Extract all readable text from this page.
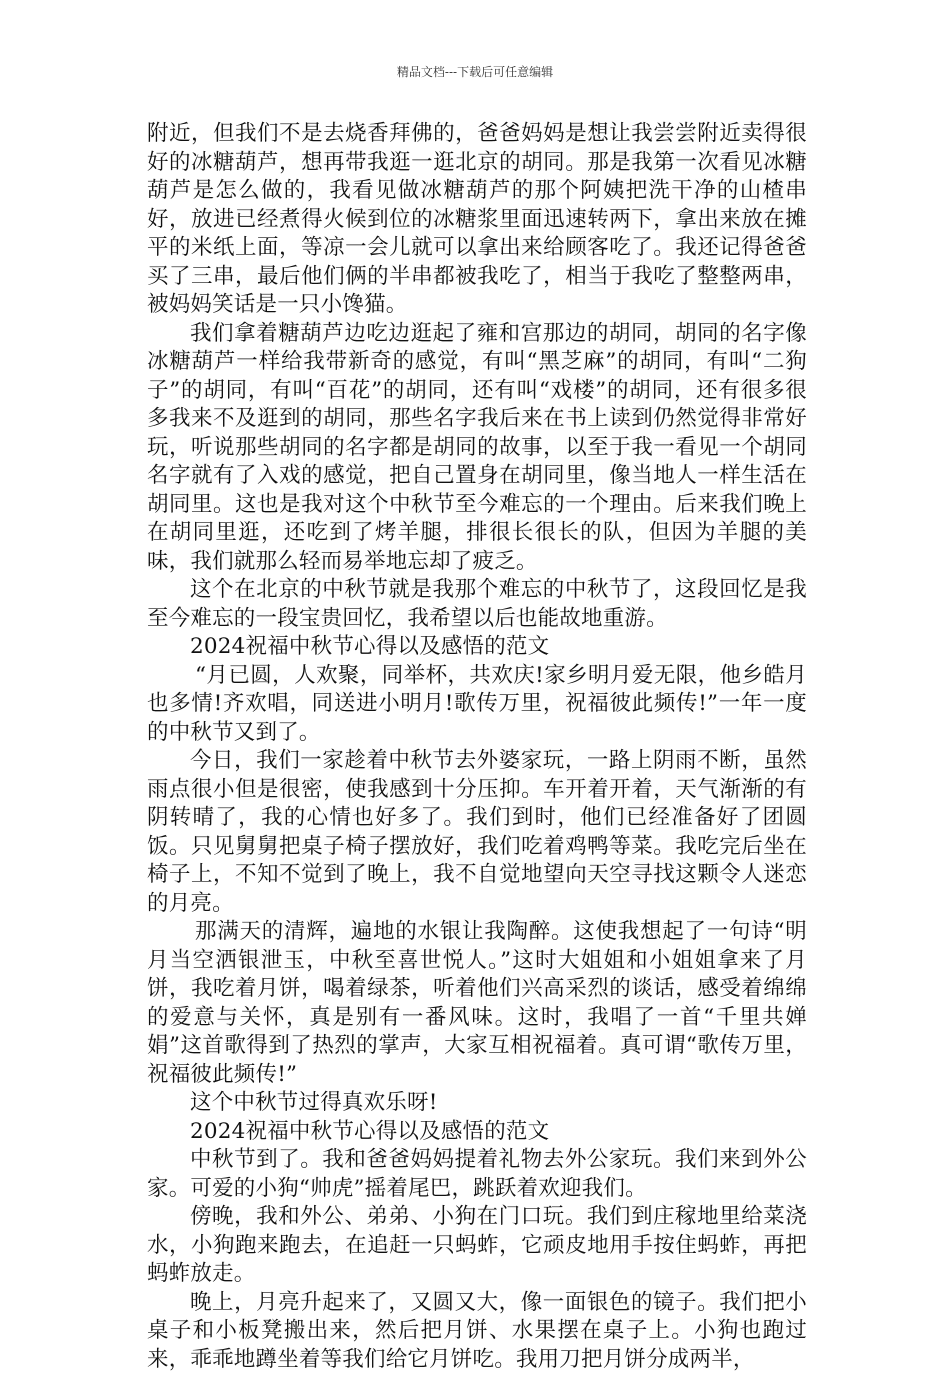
精品文档---下载后可任意编辑

附近，但我们不是去烧香拜佛的，爸爸妈妈是想让我尝尝附近卖得很好的冰糖葫芦，想再带我逛一逛北京的胡同。那是我第一次看见冰糖葫芦是怎么做的，我看见做冰糖葫芦的那个阿姨把洗干净的山楂串好，放进已经煮得火候到位的冰糖浆里面迅速转两下，拿出来放在摊平的米纸上面，等凉一会儿就可以拿出来给顾客吃了。我还记得爸爸买了三串，最后他们俩的半串都被我吃了，相当于我吃了整整两串，被妈妈笑话是一只小馋猫。

我们拿着糖葫芦边吃边逛起了雍和宫那边的胡同，胡同的名字像冰糖葫芦一样给我带新奇的感觉，有叫“黑芝麻”的胡同，有叫“二狗子”的胡同，有叫“百花”的胡同，还有叫“戏楼”的胡同，还有很多很多我来不及逛到的胡同，那些名字我后来在书上读到仍然觉得非常好玩，听说那些胡同的名字都是胡同的故事，以至于我一看见一个胡同名字就有了入戏的感觉，把自己置身在胡同里，像当地人一样生活在胡同里。这也是我对这个中秋节至今难忘的一个理由。后来我们晚上在胡同里逛，还吃到了烤羊腿，排很长很长的队，但因为羊腿的美味，我们就那么轻而易举地忘却了疲乏。

这个在北京的中秋节就是我那个难忘的中秋节了，这段回忆是我至今难忘的一段宝贵回忆，我希望以后也能故地重游。

2024祝福中秋节心得以及感悟的范文

“月已圆，人欢聚，同举杯，共欢庆!家乡明月爱无限，他乡皓月也多情!齐欢唱，同送进小明月!歌传万里，祝福彼此频传!”一年一度的中秋节又到了。

今日，我们一家趁着中秋节去外婆家玩，一路上阴雨不断，虽然雨点很小但是很密，使我感到十分压抑。车开着开着，天气渐渐的有阴转晴了，我的心情也好多了。我们到时，他们已经准备好了团圆饭。只见舅舅把桌子椅子摆放好，我们吃着鸡鸭等菜。我吃完后坐在椅子上，不知不觉到了晚上，我不自觉地望向天空寻找这颗令人迷恋的月亮。

那满天的清辉，遍地的水银让我陶醉。这使我想起了一句诗“明月当空洒银泄玉，中秋至喜世悦人。”这时大姐姐和小姐姐拿来了月饼，我吃着月饼，喝着绿茶，听着他们兴高采烈的谈话，感受着绵绵的爱意与关怀，真是别有一番风味。这时，我唱了一首“千里共婵娟”这首歌得到了热烈的掌声，大家互相祝福着。真可谓“歌传万里，祝福彼此频传!”

这个中秋节过得真欢乐呀!

2024祝福中秋节心得以及感悟的范文

中秋节到了。我和爸爸妈妈提着礼物去外公家玩。我们来到外公家。可爱的小狗“帅虎”摇着尾巴，跳跃着欢迎我们。

傍晚，我和外公、弟弟、小狗在门口玩。我们到庄稼地里给菜浇水，小狗跑来跑去，在追赶一只蚂蚱，它顽皮地用手按住蚂蚱，再把蚂蚱放走。

晚上，月亮升起来了，又圆又大，像一面银色的镜子。我们把小桌子和小板凳搬出来，然后把月饼、水果摆在桌子上。小狗也跑过来，乖乖地蹲坐着等我们给它月饼吃。我用刀把月饼分成两半，
